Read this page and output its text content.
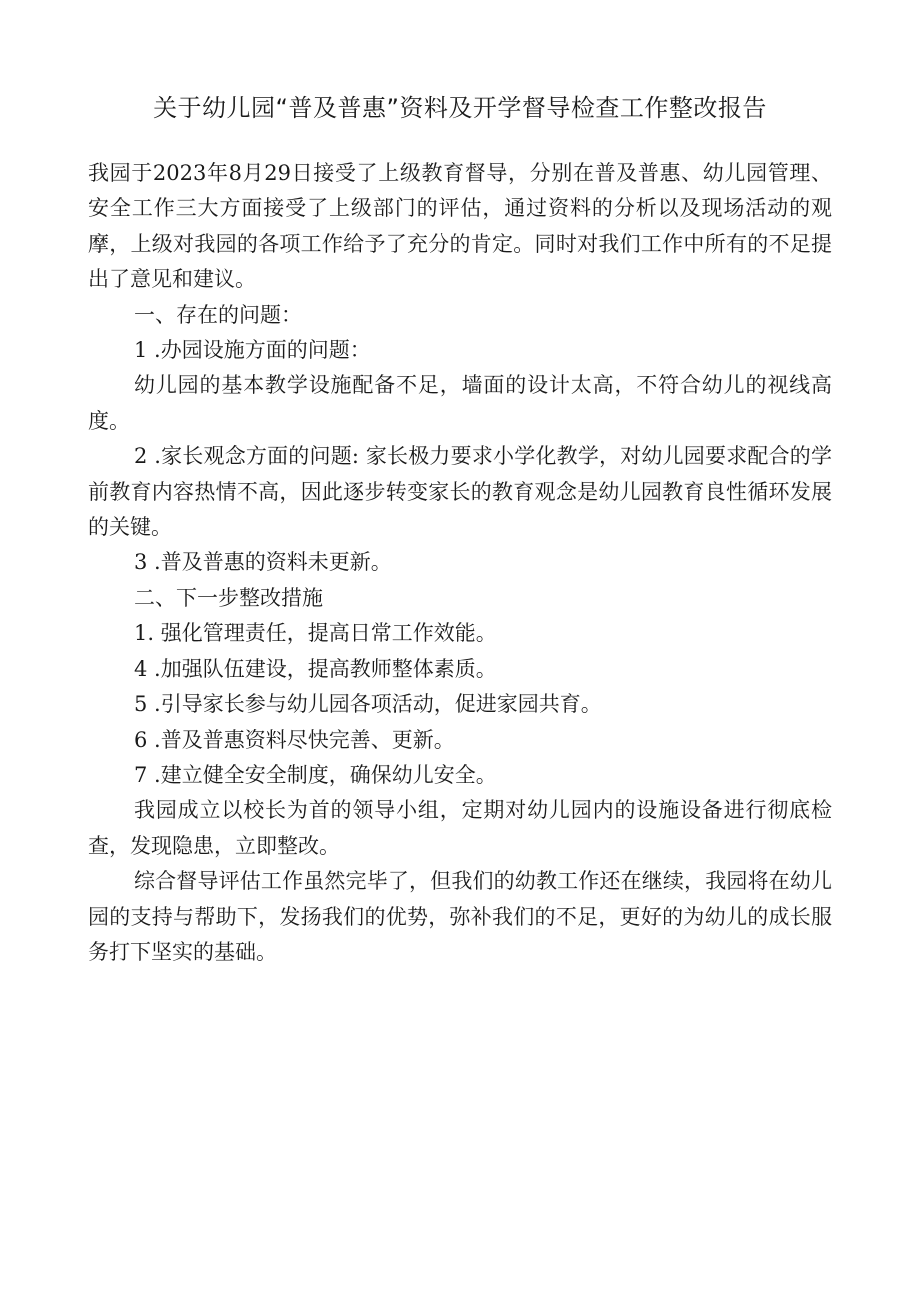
关于幼儿园“普及普惠”资料及开学督导检查工作整改报告

我园于2023年8月29日接受了上级教育督导，分别在普及普惠、幼儿园管理、安全工作三大方面接受了上级部门的评估，通过资料的分析以及现场活动的观摩，上级对我园的各项工作给予了充分的肯定。同时对我们工作中所有的不足提出了意见和建议。

一、存在的问题：

1 .办园设施方面的问题：

幼儿园的基本教学设施配备不足，墙面的设计太高，不符合幼儿的视线高度。

2 .家长观念方面的问题: 家长极力要求小学化教学，对幼儿园要求配合的学前教育内容热情不高，因此逐步转变家长的教育观念是幼儿园教育良性循环发展的关键。

3 .普及普惠的资料未更新。

二、下一步整改措施

1. 强化管理责任，提高日常工作效能。

4 .加强队伍建设，提高教师整体素质。

5 .引导家长参与幼儿园各项活动，促进家园共育。

6 .普及普惠资料尽快完善、更新。

7 .建立健全安全制度，确保幼儿安全。

我园成立以校长为首的领导小组，定期对幼儿园内的设施设备进行彻底检查，发现隐患，立即整改。

综合督导评估工作虽然完毕了，但我们的幼教工作还在继续，我园将在幼儿园的支持与帮助下，发扬我们的优势，弥补我们的不足，更好的为幼儿的成长服务打下坚实的基础。
